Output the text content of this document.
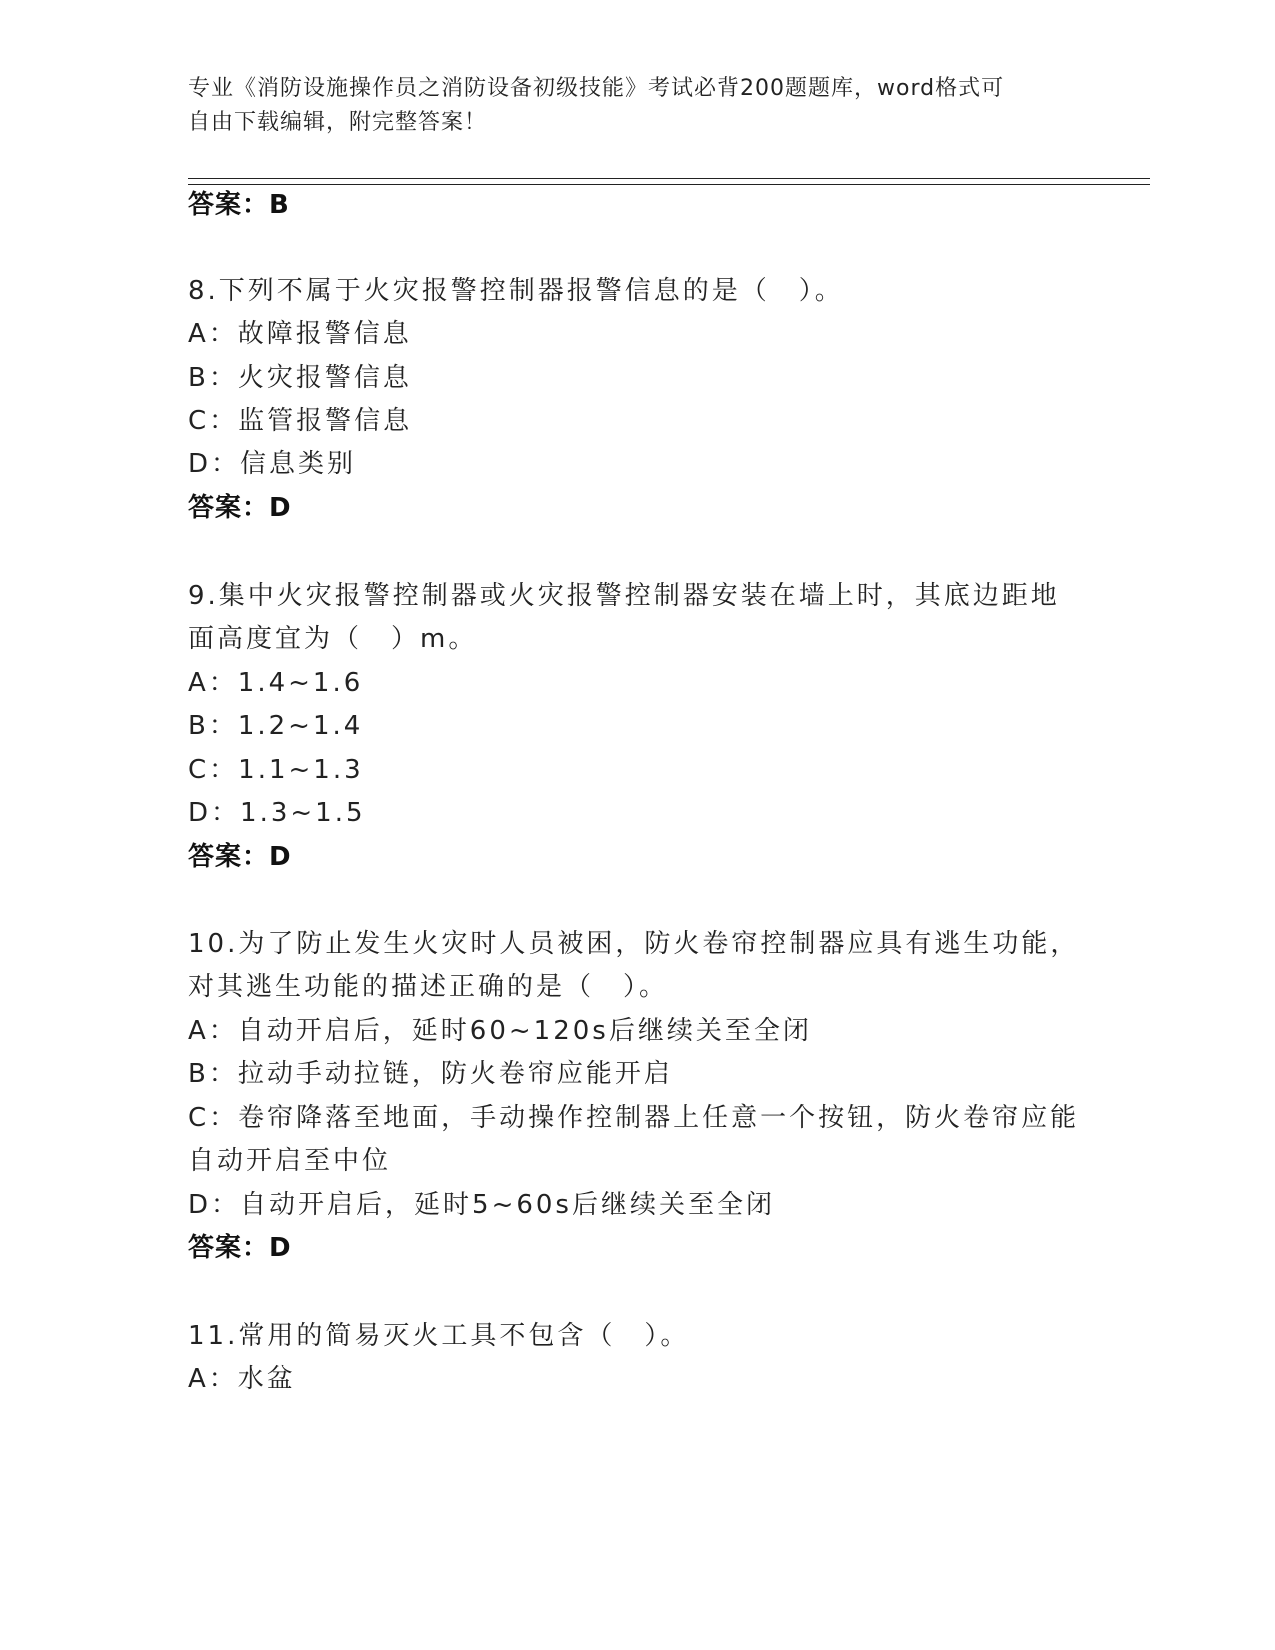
专业《消防设施操作员之消防设备初级技能》考试必背200题题库，word格式可
自由下载编辑，附完整答案！
答案：B
8.下列不属于火灾报警控制器报警信息的是（　）。
A：故障报警信息
B：火灾报警信息
C：监管报警信息
D：信息类别
答案：D
9.集中火灾报警控制器或火灾报警控制器安装在墙上时，其底边距地
面高度宜为（　）m。
A：1.4~1.6
B：1.2~1.4
C：1.1~1.3
D：1.3~1.5
答案：D
10.为了防止发生火灾时人员被困，防火卷帘控制器应具有逃生功能，
对其逃生功能的描述正确的是（　）。
A：自动开启后，延时60~120s后继续关至全闭
B：拉动手动拉链，防火卷帘应能开启
C：卷帘降落至地面，手动操作控制器上任意一个按钮，防火卷帘应能
自动开启至中位
D：自动开启后，延时5~60s后继续关至全闭
答案：D
11.常用的简易灭火工具不包含（　）。
A：水盆
